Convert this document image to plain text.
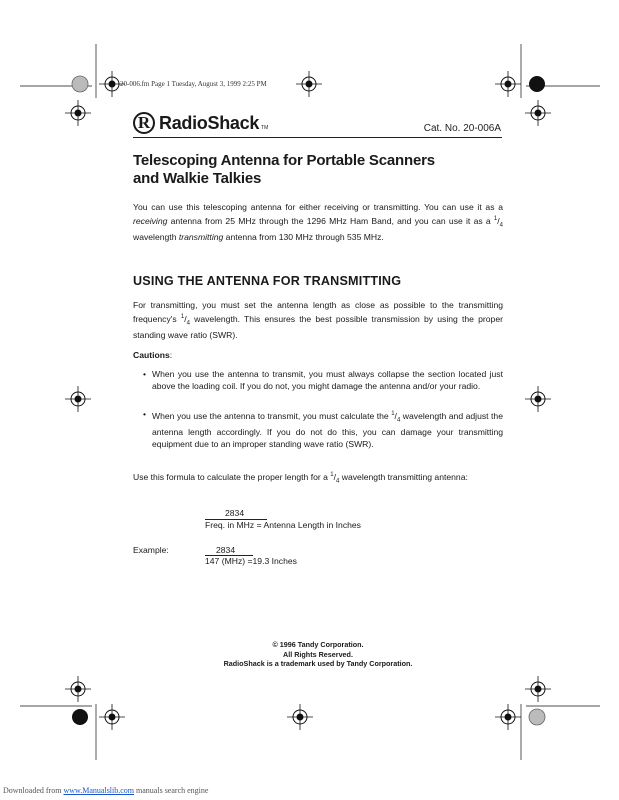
20-006.fm Page 1 Tuesday, August 3, 1999 2:25 PM
R RadioShack TM	Cat. No. 20-006A
Telescoping Antenna for Portable Scanners
and Walkie Talkies
You can use this telescoping antenna for either receiving or transmitting. You can use it as a receiving antenna from 25 MHz through the 1296 MHz Ham Band, and you can use it as a $^1/_4$ wavelength transmitting antenna from 130 MHz through 535 MHz.
USING THE ANTENNA FOR TRANSMITTING
For transmitting, you must set the antenna length as close as possible to the transmitting frequency's $^1/_4$ wavelength. This ensures the best possible transmission by using the proper standing wave ratio (SWR).
Cautions:
• When you use the antenna to transmit, you must always collapse the section located just above the loading coil. If you do not, you might damage the antenna and/or your radio.
• When you use the antenna to transmit, you must calculate the $^1/_4$ wavelength and adjust the antenna length accordingly. If you do not do this, you can damage your transmitting equipment due to an improper standing wave ratio (SWR).
Use this formula to calculate the proper length for a $^1/_4$ wavelength transmitting antenna:
2834
Freq. in MHz = Antenna Length in Inches
Example:	2834
147 (MHz) =19.3 Inches
© 1996 Tandy Corporation.
All Rights Reserved.
RadioShack is a trademark used by Tandy Corporation.
Downloaded from www.Manualslib.com manuals search engine
